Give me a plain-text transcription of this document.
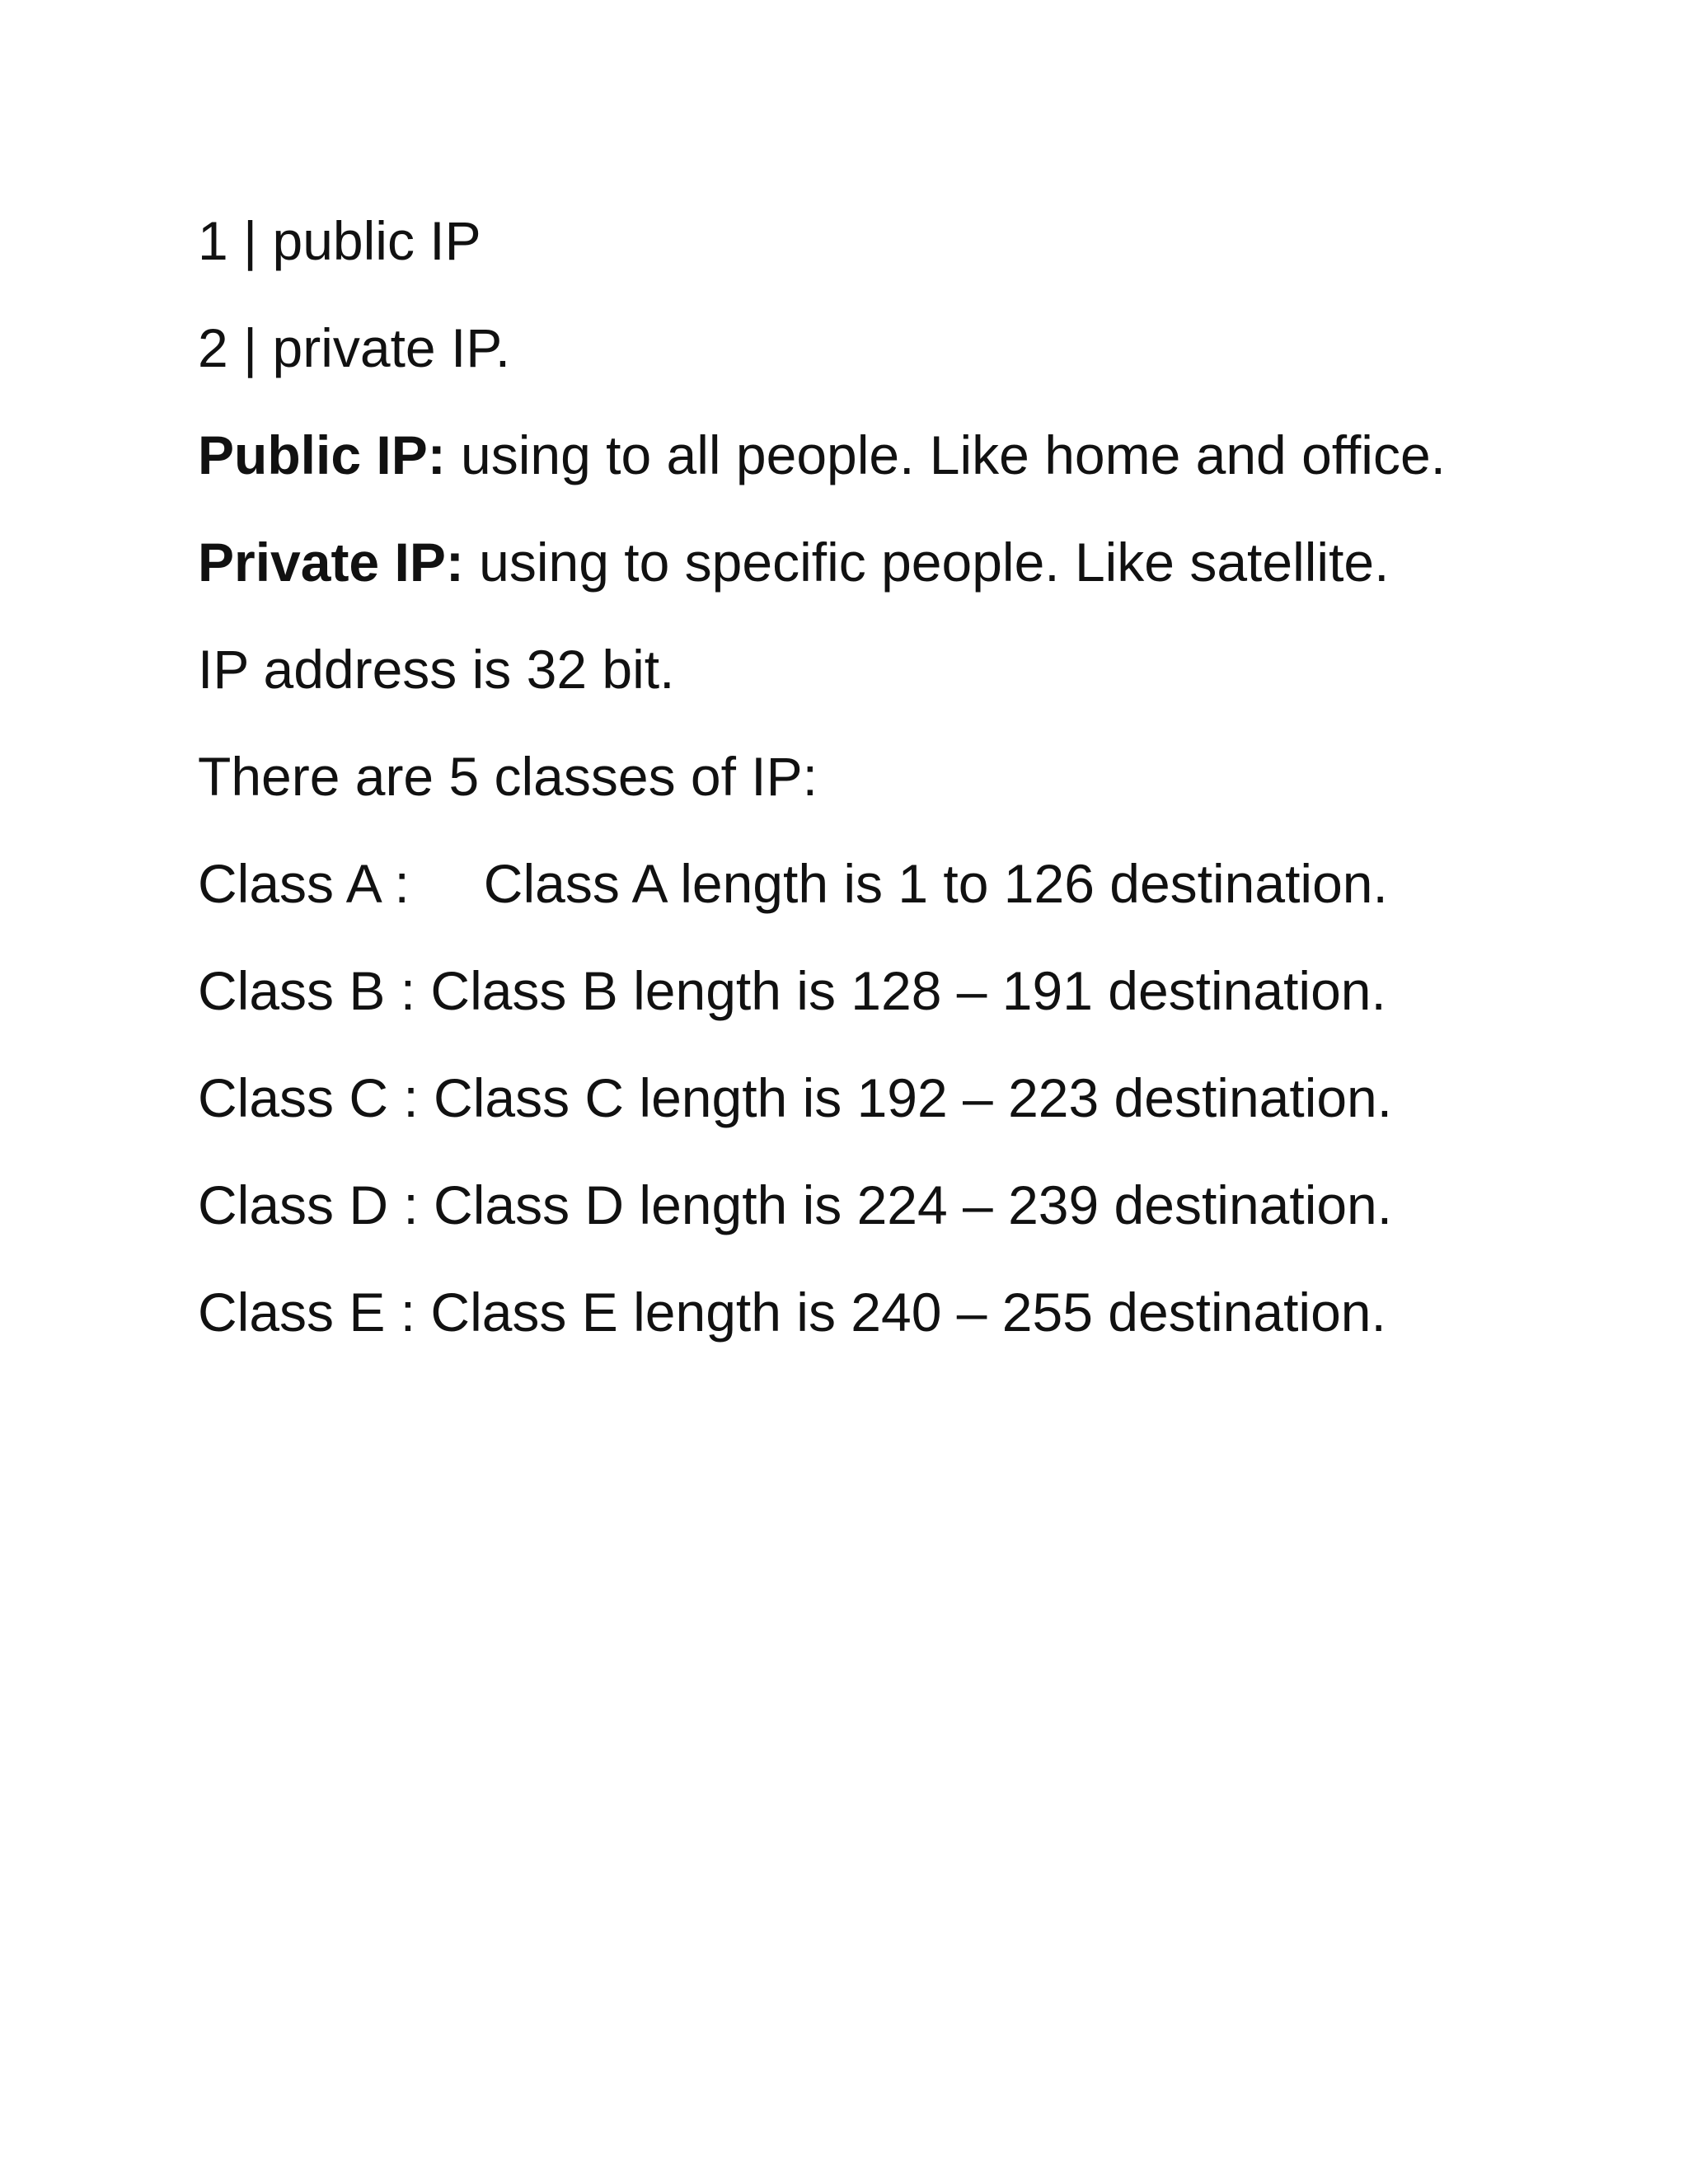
1 | public IP

2 | private IP.

Public IP: using to all people. Like home and office.

Private IP: using to specific people. Like satellite.

IP address is 32 bit.

There are 5 classes of IP:

Class A : Class A length is 1 to 126 destination.

Class B : Class B length is 128 – 191 destination.

Class C : Class C length is 192 – 223 destination.

Class D : Class D length is 224 – 239 destination.

Class E : Class E length is 240 – 255 destination.
